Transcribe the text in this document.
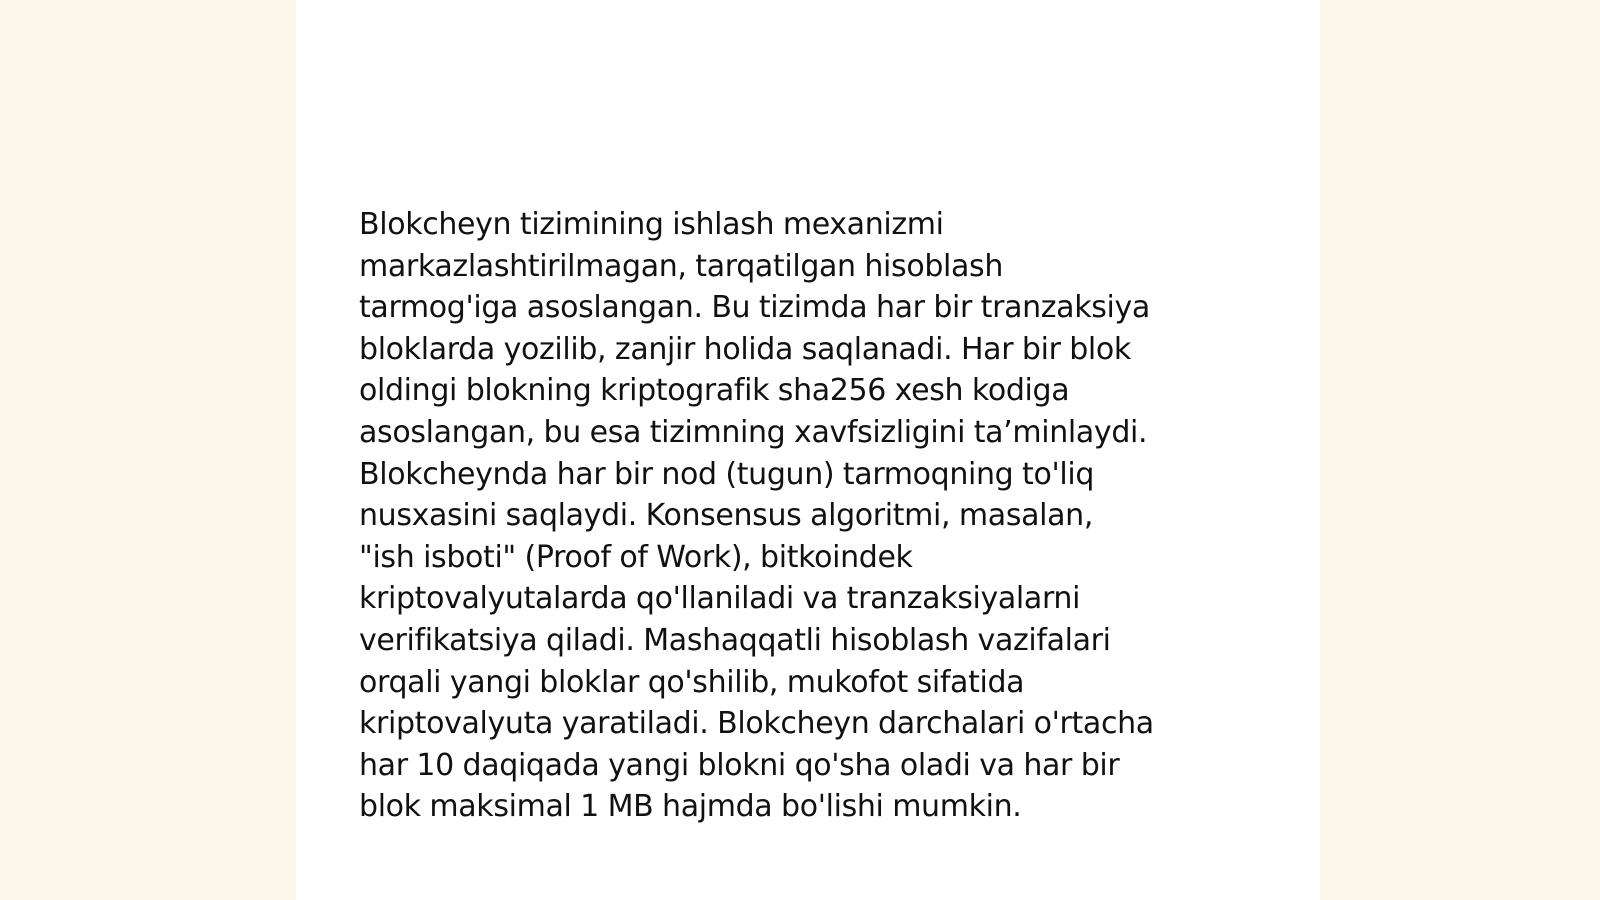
Blokcheyn tizimining ishlash mexanizmi
markazlashtirilmagan, tarqatilgan hisoblash
tarmog'iga asoslangan. Bu tizimda har bir tranzaksiya
bloklarda yozilib, zanjir holida saqlanadi. Har bir blok
oldingi blokning kriptografik sha256 xesh kodiga
asoslangan, bu esa tizimning xavfsizligini ta’minlaydi.
Blokcheynda har bir nod (tugun) tarmoqning to'liq
nusxasini saqlaydi. Konsensus algoritmi, masalan,
"ish isboti" (Proof of Work), bitkoindek
kriptovalyutalarda qo'llaniladi va tranzaksiyalarni
verifikatsiya qiladi. Mashaqqatli hisoblash vazifalari
orqali yangi bloklar qo'shilib, mukofot sifatida
kriptovalyuta yaratiladi. Blokcheyn darchalari o'rtacha
har 10 daqiqada yangi blokni qo'sha oladi va har bir
blok maksimal 1 MB hajmda bo'lishi mumkin.
